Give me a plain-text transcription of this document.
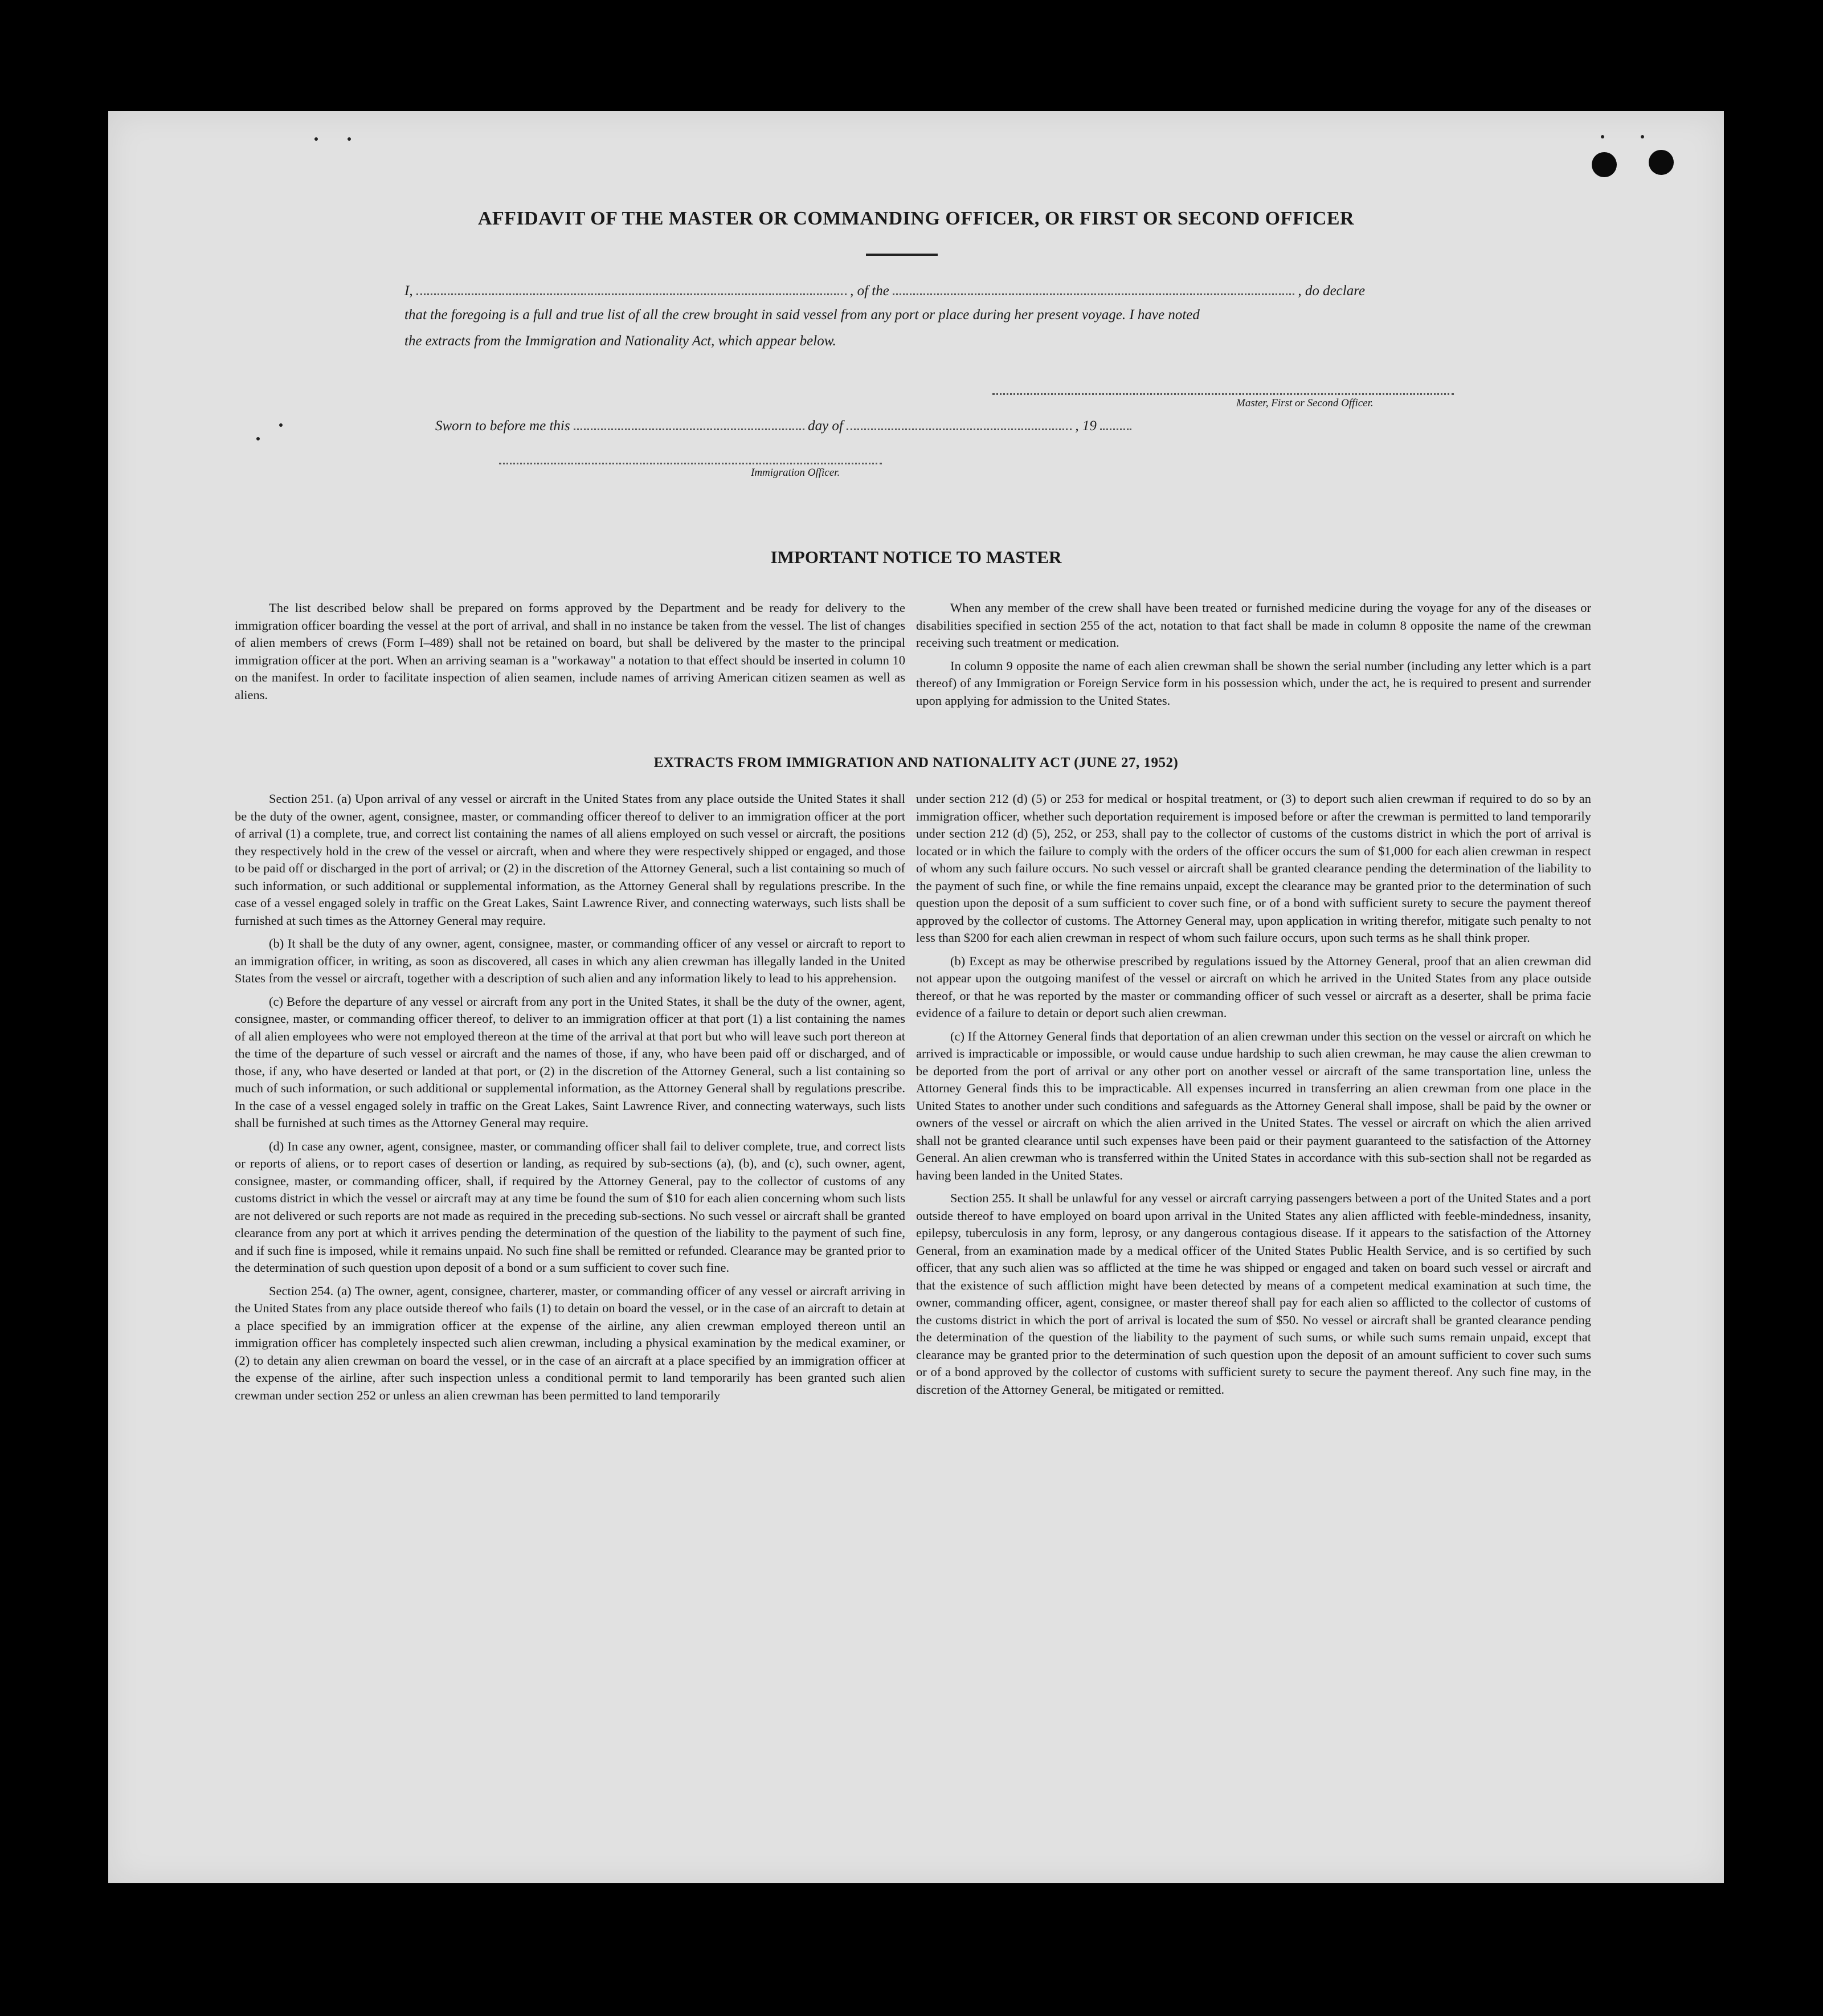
AFFIDAVIT OF THE MASTER OR COMMANDING OFFICER, OR FIRST OR SECOND OFFICER
I,	, of the	, do declare
that the foregoing is a full and true list of all the crew brought in said vessel from any port or place during her present voyage. I have noted
the extracts from the Immigration and Nationality Act, which appear below.
Master, First or Second Officer.
Sworn to before me this	day of	, 19
Immigration Officer.
IMPORTANT NOTICE TO MASTER

The list described below shall be prepared on forms approved by the Department and be ready for delivery to the immigration officer boarding the vessel at the port of arrival, and shall in no instance be taken from the vessel. The list of changes of alien members of crews (Form I–489) shall not be retained on board, but shall be delivered by the master to the principal immigration officer at the port. When an arriving seaman is a "workaway" a notation to that effect should be inserted in column 10 on the manifest. In order to facilitate inspection of alien seamen, include names of arriving American citizen seamen as well as aliens.

When any member of the crew shall have been treated or furnished medicine during the voyage for any of the diseases or disabilities specified in section 255 of the act, notation to that fact shall be made in column 8 opposite the name of the crewman receiving such treatment or medication.

In column 9 opposite the name of each alien crewman shall be shown the serial number (including any letter which is a part thereof) of any Immigration or Foreign Service form in his possession which, under the act, he is required to present and surrender upon applying for admission to the United States.

EXTRACTS FROM IMMIGRATION AND NATIONALITY ACT (JUNE 27, 1952)

Section 251. (a) Upon arrival of any vessel or aircraft in the United States from any place outside the United States it shall be the duty of the owner, agent, consignee, master, or commanding officer thereof to deliver to an immigration officer at the port of arrival (1) a complete, true, and correct list containing the names of all aliens employed on such vessel or aircraft, the positions they respectively hold in the crew of the vessel or aircraft, when and where they were respectively shipped or engaged, and those to be paid off or discharged in the port of arrival; or (2) in the discretion of the Attorney General, such a list containing so much of such information, or such additional or supplemental information, as the Attorney General shall by regulations prescribe. In the case of a vessel engaged solely in traffic on the Great Lakes, Saint Lawrence River, and connecting waterways, such lists shall be furnished at such times as the Attorney General may require.

(b) It shall be the duty of any owner, agent, consignee, master, or commanding officer of any vessel or aircraft to report to an immigration officer, in writing, as soon as discovered, all cases in which any alien crewman has illegally landed in the United States from the vessel or aircraft, together with a description of such alien and any information likely to lead to his apprehension.

(c) Before the departure of any vessel or aircraft from any port in the United States, it shall be the duty of the owner, agent, consignee, master, or commanding officer thereof, to deliver to an immigration officer at that port (1) a list containing the names of all alien employees who were not employed thereon at the time of the arrival at that port but who will leave such port thereon at the time of the departure of such vessel or aircraft and the names of those, if any, who have been paid off or discharged, and of those, if any, who have deserted or landed at that port, or (2) in the discretion of the Attorney General, such a list containing so much of such information, or such additional or supplemental information, as the Attorney General shall by regulations prescribe. In the case of a vessel engaged solely in traffic on the Great Lakes, Saint Lawrence River, and connecting waterways, such lists shall be furnished at such times as the Attorney General may require.

(d) In case any owner, agent, consignee, master, or commanding officer shall fail to deliver complete, true, and correct lists or reports of aliens, or to report cases of desertion or landing, as required by sub-sections (a), (b), and (c), such owner, agent, consignee, master, or commanding officer, shall, if required by the Attorney General, pay to the collector of customs of any customs district in which the vessel or aircraft may at any time be found the sum of $10 for each alien concerning whom such lists are not delivered or such reports are not made as required in the preceding sub-sections. No such vessel or aircraft shall be granted clearance from any port at which it arrives pending the determination of the question of the liability to the payment of such fine, and if such fine is imposed, while it remains unpaid. No such fine shall be remitted or refunded. Clearance may be granted prior to the determination of such question upon deposit of a bond or a sum sufficient to cover such fine.

Section 254. (a) The owner, agent, consignee, charterer, master, or commanding officer of any vessel or aircraft arriving in the United States from any place outside thereof who fails (1) to detain on board the vessel, or in the case of an aircraft to detain at a place specified by an immigration officer at the expense of the airline, any alien crewman employed thereon until an immigration officer has completely inspected such alien crewman, including a physical examination by the medical examiner, or (2) to detain any alien crewman on board the vessel, or in the case of an aircraft at a place specified by an immigration officer at the expense of the airline, after such inspection unless a conditional permit to land temporarily has been granted such alien crewman under section 252 or unless an alien crewman has been permitted to land temporarily

under section 212 (d) (5) or 253 for medical or hospital treatment, or (3) to deport such alien crewman if required to do so by an immigration officer, whether such deportation requirement is imposed before or after the crewman is permitted to land temporarily under section 212 (d) (5), 252, or 253, shall pay to the collector of customs of the customs district in which the port of arrival is located or in which the failure to comply with the orders of the officer occurs the sum of $1,000 for each alien crewman in respect of whom any such failure occurs. No such vessel or aircraft shall be granted clearance pending the determination of the liability to the payment of such fine, or while the fine remains unpaid, except the clearance may be granted prior to the determination of such question upon the deposit of a sum sufficient to cover such fine, or of a bond with sufficient surety to secure the payment thereof approved by the collector of customs. The Attorney General may, upon application in writing therefor, mitigate such penalty to not less than $200 for each alien crewman in respect of whom such failure occurs, upon such terms as he shall think proper.

(b) Except as may be otherwise prescribed by regulations issued by the Attorney General, proof that an alien crewman did not appear upon the outgoing manifest of the vessel or aircraft on which he arrived in the United States from any place outside thereof, or that he was reported by the master or commanding officer of such vessel or aircraft as a deserter, shall be prima facie evidence of a failure to detain or deport such alien crewman.

(c) If the Attorney General finds that deportation of an alien crewman under this section on the vessel or aircraft on which he arrived is impracticable or impossible, or would cause undue hardship to such alien crewman, he may cause the alien crewman to be deported from the port of arrival or any other port on another vessel or aircraft of the same transportation line, unless the Attorney General finds this to be impracticable. All expenses incurred in transferring an alien crewman from one place in the United States to another under such conditions and safeguards as the Attorney General shall impose, shall be paid by the owner or owners of the vessel or aircraft on which the alien arrived in the United States. The vessel or aircraft on which the alien arrived shall not be granted clearance until such expenses have been paid or their payment guaranteed to the satisfaction of the Attorney General. An alien crewman who is transferred within the United States in accordance with this sub-section shall not be regarded as having been landed in the United States.

Section 255. It shall be unlawful for any vessel or aircraft carrying passengers between a port of the United States and a port outside thereof to have employed on board upon arrival in the United States any alien afflicted with feeble-mindedness, insanity, epilepsy, tuberculosis in any form, leprosy, or any dangerous contagious disease. If it appears to the satisfaction of the Attorney General, from an examination made by a medical officer of the United States Public Health Service, and is so certified by such officer, that any such alien was so afflicted at the time he was shipped or engaged and taken on board such vessel or aircraft and that the existence of such affliction might have been detected by means of a competent medical examination at such time, the owner, commanding officer, agent, consignee, or master thereof shall pay for each alien so afflicted to the collector of customs of the customs district in which the port of arrival is located the sum of $50. No vessel or aircraft shall be granted clearance pending the determination of the question of the liability to the payment of such sums, or while such sums remain unpaid, except that clearance may be granted prior to the determination of such question upon the deposit of an amount sufficient to cover such sums or of a bond approved by the collector of customs with sufficient surety to secure the payment thereof. Any such fine may, in the discretion of the Attorney General, be mitigated or remitted.
